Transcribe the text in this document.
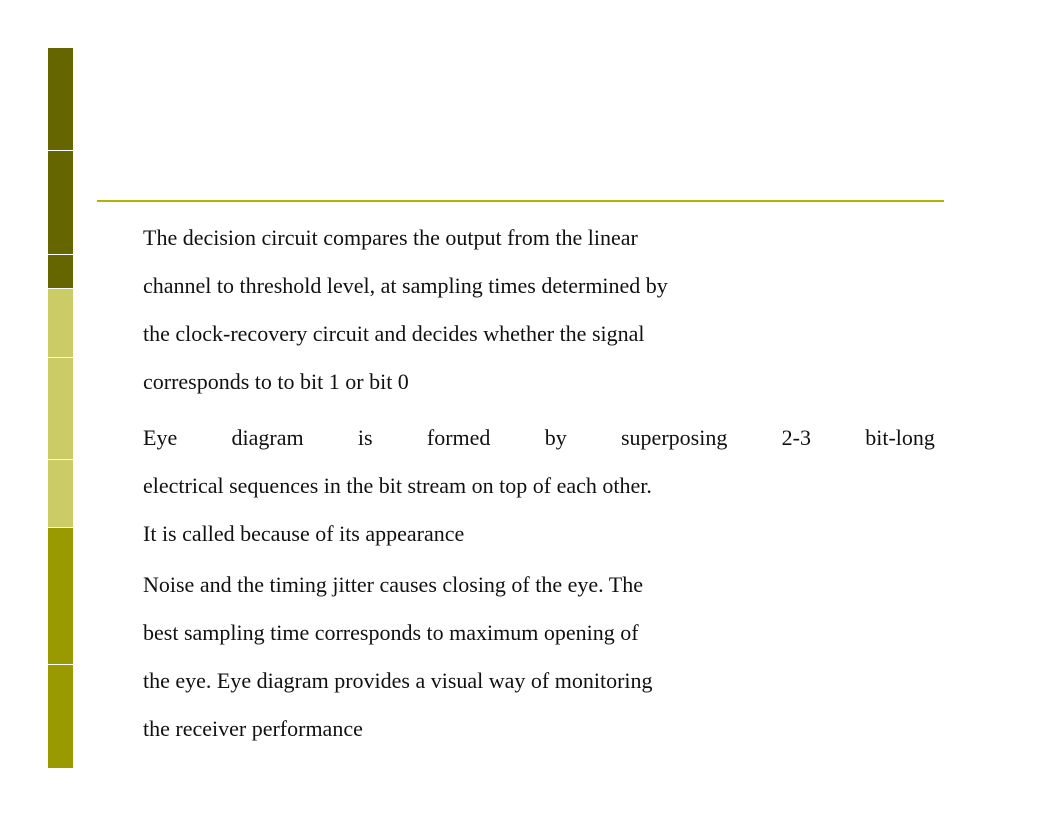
The decision circuit compares the output from the linear
channel to threshold level, at sampling times determined by
the clock-recovery circuit and decides whether the signal
corresponds to to bit 1 or bit 0
Eye diagram is formed by superposing 2-3 bit-long
electrical sequences in the bit stream on top of each other.
It is called because of its appearance
Noise and the timing jitter causes closing of the eye. The
best sampling time corresponds to maximum opening of
the eye. Eye diagram provides a visual way of monitoring
the receiver performance
